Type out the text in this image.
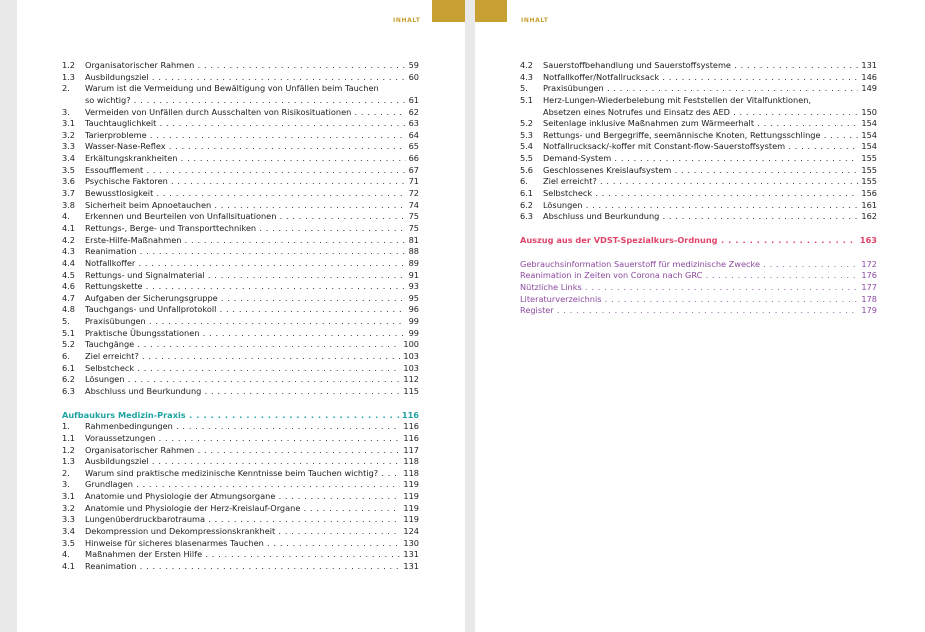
INHALT
1.2	Organisatorischer Rahmen . . .	59
1.3	Ausbildungsziel . . .	60
2.	Warum ist die Vermeidung und Bewältigung von Unfällen beim Tauchen
so wichtig? . . .	61
3.	Vermeiden von Unfällen durch Ausschalten von Risikosituationen . . .	62
3.1	Tauchtauglichkeit . . .	63
3.2	Tarierprobleme . . .	64
3.3	Wasser-Nase-Reflex . . .	65
3.4	Erkältungskrankheiten . . .	66
3.5	Essoufflement . . .	67
3.6	Psychische Faktoren . . .	71
3.7	Bewusstlosigkeit . . .	72
3.8	Sicherheit beim Apnoetauchen . . .	74
4.	Erkennen und Beurteilen von Unfallsituationen . . .	75
4.1	Rettungs-, Berge- und Transporttechniken . . .	75
4.2	Erste-Hilfe-Maßnahmen . . .	81
4.3	Reanimation . . .	88
4.4	Notfallkoffer . . .	89
4.5	Rettungs- und Signalmaterial . . .	91
4.6	Rettungskette . . .	93
4.7	Aufgaben der Sicherungsgruppe . . .	95
4.8	Tauchgangs- und Unfallprotokoll . . .	96
5.	Praxisübungen . . .	99
5.1	Praktische Übungsstationen . . .	99
5.2	Tauchgänge . . .	100
6.	Ziel erreicht? . . .	103
6.1	Selbstcheck . . .	103
6.2	Lösungen . . .	112
6.3	Abschluss und Beurkundung . . .	115
Aufbaukurs Medizin-Praxis . . .	116
1.	Rahmenbedingungen . . .	116
1.1	Voraussetzungen . . .	116
1.2	Organisatorischer Rahmen . . .	117
1.3	Ausbildungsziel . . .	118
2.	Warum sind praktische medizinische Kenntnisse beim Tauchen wichtig? . . .	118
3.	Grundlagen . . .	119
3.1	Anatomie und Physiologie der Atmungsorgane . . .	119
3.2	Anatomie und Physiologie der Herz-Kreislauf-Organe . . .	119
3.3	Lungenüberdruckbarotrauma . . .	119
3.4	Dekompression und Dekompressionskrankheit . . .	124
3.5	Hinweise für sicheres blasenarmes Tauchen . . .	130
4.	Maßnahmen der Ersten Hilfe . . .	131
4.1	Reanimation . . .	131
INHALT
4.2	Sauerstoffbehandlung und Sauerstoffsysteme . . .	131
4.3	Notfallkoffer/Notfallrucksack . . .	146
5.	Praxisübungen . . .	149
5.1	Herz-Lungen-Wiederbelebung mit Feststellen der Vitalfunktionen,
Absetzen eines Notrufes und Einsatz des AED . . .	150
5.2	Seitenlage inklusive Maßnahmen zum Wärmeerhalt . . .	154
5.3	Rettungs- und Bergegriffe, seemännische Knoten, Rettungsschlinge . . .	154
5.4	Notfallrucksack/-koffer mit Constant-flow-Sauerstoffsystem . . .	154
5.5	Demand-System . . .	155
5.6	Geschlossenes Kreislaufsystem . . .	155
6.	Ziel erreicht? . . .	155
6.1	Selbstcheck . . .	156
6.2	Lösungen . . .	161
6.3	Abschluss und Beurkundung . . .	162
Auszug aus der VDST-Spezialkurs-Ordnung . . .	163
Gebrauchsinformation Sauerstoff für medizinische Zwecke . . .	172
Reanimation in Zeiten von Corona nach GRC . . .	176
Nützliche Links . . .	177
Literaturverzeichnis . . .	178
Register . . .	179
